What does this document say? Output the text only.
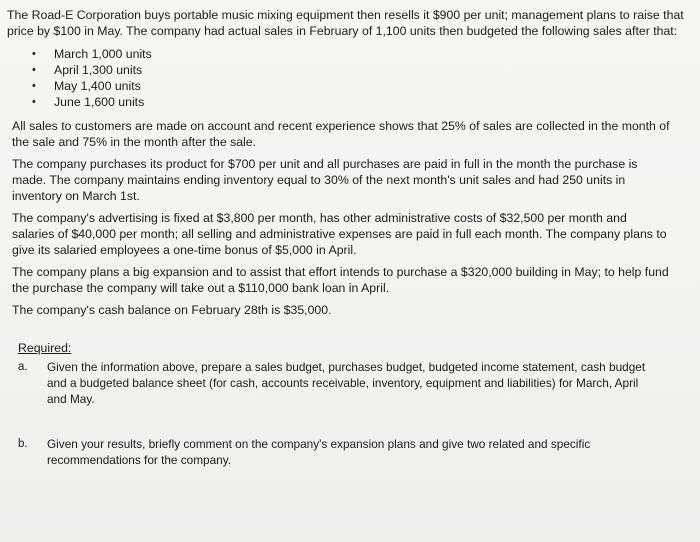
The Road-E Corporation buys portable music mixing equipment then resells it $900 per unit; management plans to raise that price by $100 in May. The company had actual sales in February of 1,100 units then budgeted the following sales after that:

• March 1,000 units
• April 1,300 units
• May 1,400 units
• June 1,600 units

All sales to customers are made on account and recent experience shows that 25% of sales are collected in the month of the sale and 75% in the month after the sale.

The company purchases its product for $700 per unit and all purchases are paid in full in the month the purchase is made. The company maintains ending inventory equal to 30% of the next month's unit sales and had 250 units in inventory on March 1st.

The company's advertising is fixed at $3,800 per month, has other administrative costs of $32,500 per month and salaries of $40,000 per month; all selling and administrative expenses are paid in full each month. The company plans to give its salaried employees a one-time bonus of $5,000 in April.

The company plans a big expansion and to assist that effort intends to purchase a $320,000 building in May; to help fund the purchase the company will take out a $110,000 bank loan in April.

The company's cash balance on February 28th is $35,000.

Required:

a. Given the information above, prepare a sales budget, purchases budget, budgeted income statement, cash budget and a budgeted balance sheet (for cash, accounts receivable, inventory, equipment and liabilities) for March, April and May.
b. Given your results, briefly comment on the company's expansion plans and give two related and specific recommendations for the company.
